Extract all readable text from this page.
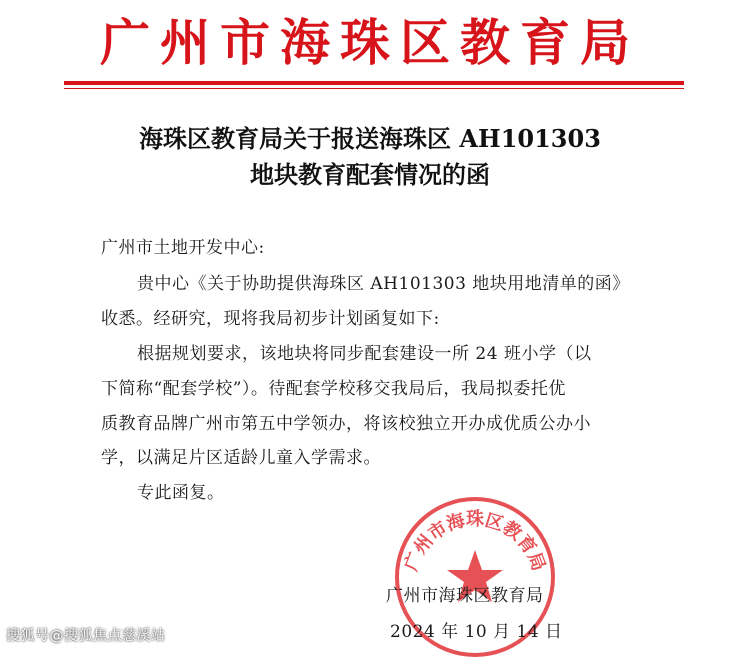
广州市海珠区教育局
海珠区教育局关于报送海珠区 AH101303
地块教育配套情况的函
广州市土地开发中心:
贵中心《关于协助提供海珠区 AH101303 地块用地清单的函》
收悉。经研究，现将我局初步计划函复如下:
根据规划要求，该地块将同步配套建设一所 24 班小学（以
下简称“配套学校”）。待配套学校移交我局后，我局拟委托优
质教育品牌广州市第五中学领办，将该校独立开办成优质公办小
学，以满足片区适龄儿童入学需求。
专此函复。
广州市海珠区教育局
广州市海珠区教育局
2024 年 10 月 14 日
搜狐号@搜狐焦点慈溪站
